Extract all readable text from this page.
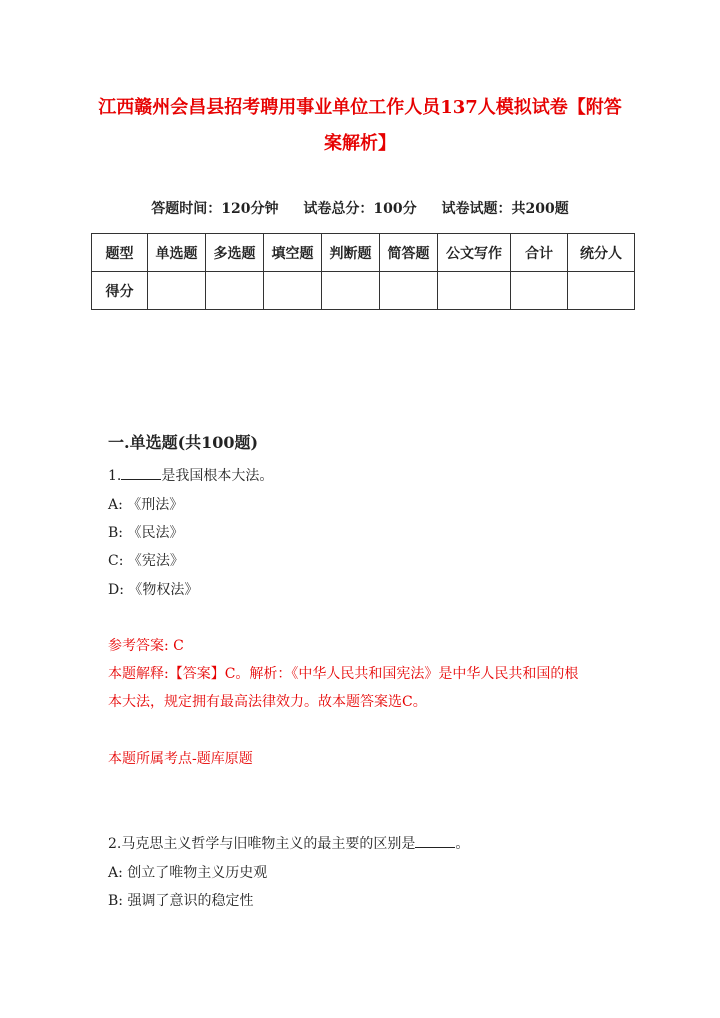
江西赣州会昌县招考聘用事业单位工作人员137人模拟试卷【附答
案解析】
答题时间：120分钟 试卷总分：100分 试卷试题：共200题
题型	单选题	多选题	填空题	判断题	简答题	公文写作	合计	统分人
得分								
一.单选题(共100题)
1.	是我国根本大法。
A: 《刑法》
B: 《民法》
C: 《宪法》
D: 《物权法》
参考答案: C
本题解释:【答案】C。解析：《中华人民共和国宪法》是中华人民共和国的根
本大法，规定拥有最高法律效力。故本题答案选C。
本题所属考点-题库原题
2.马克思主义哲学与旧唯物主义的最主要的区别是	。
A: 创立了唯物主义历史观
B: 强调了意识的稳定性
